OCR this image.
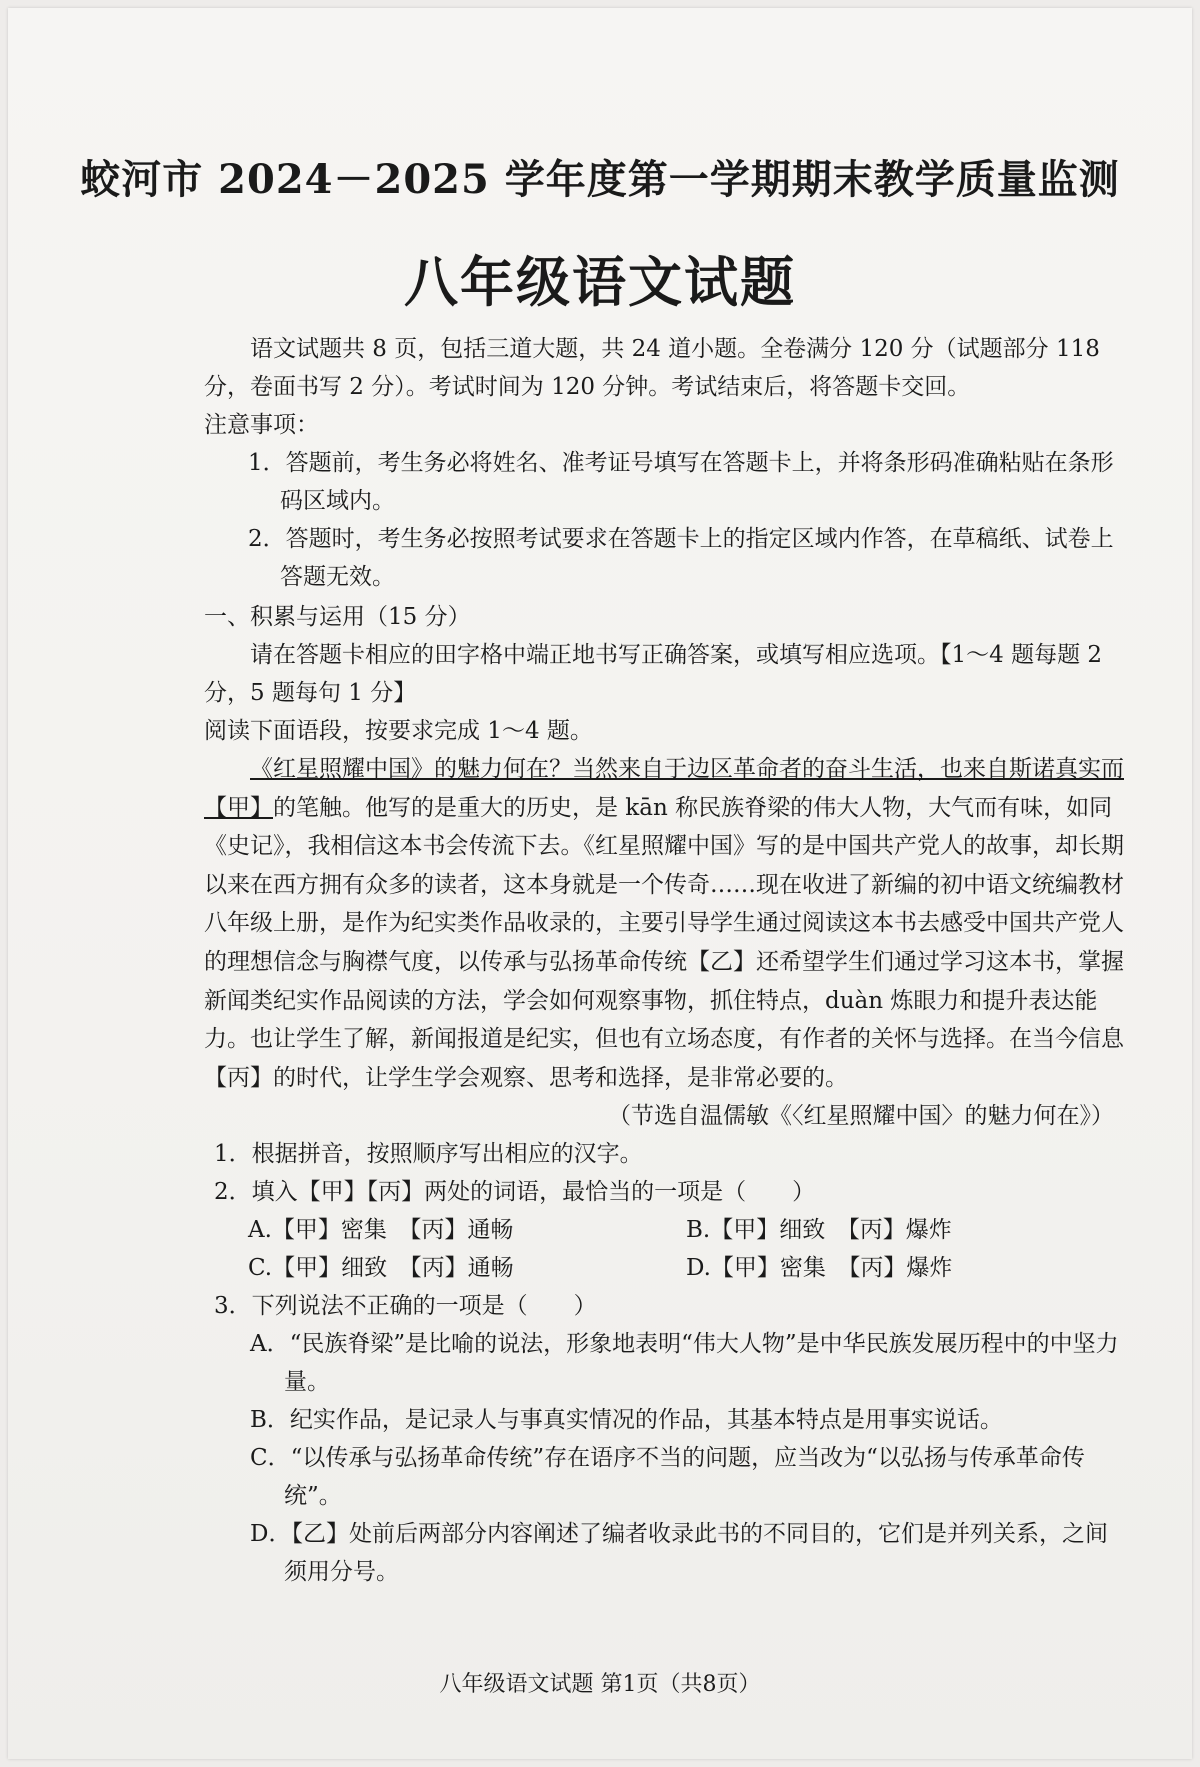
蛟河市 2024－2025 学年度第一学期期末教学质量监测
八年级语文试题

语文试题共 8 页，包括三道大题，共 24 道小题。全卷满分 120 分（试题部分 118 分，卷面书写 2 分）。考试时间为 120 分钟。考试结束后，将答题卡交回。

注意事项：

1．答题前，考生务必将姓名、准考证号填写在答题卡上，并将条形码准确粘贴在条形码区域内。

2．答题时，考生务必按照考试要求在答题卡上的指定区域内作答，在草稿纸、试卷上答题无效。

一、积累与运用（15 分）

请在答题卡相应的田字格中端正地书写正确答案，或填写相应选项。【1～4 题每题 2 分，5 题每句 1 分】

阅读下面语段，按要求完成 1～4 题。

《红星照耀中国》的魅力何在？当然来自于边区革命者的奋斗生活，也来自斯诺真实而【甲】的笔触。他写的是重大的历史，是 kān 称民族脊梁的伟大人物，大气而有味，如同《史记》，我相信这本书会传流下去。《红星照耀中国》写的是中国共产党人的故事，却长期以来在西方拥有众多的读者，这本身就是一个传奇……现在收进了新编的初中语文统编教材八年级上册，是作为纪实类作品收录的，主要引导学生通过阅读这本书去感受中国共产党人的理想信念与胸襟气度，以传承与弘扬革命传统【乙】还希望学生们通过学习这本书，掌握新闻类纪实作品阅读的方法，学会如何观察事物，抓住特点，duàn 炼眼力和提升表达能力。也让学生了解，新闻报道是纪实，但也有立场态度，有作者的关怀与选择。在当今信息【丙】的时代，让学生学会观察、思考和选择，是非常必要的。

（节选自温儒敏《〈红星照耀中国〉的魅力何在》）

1．根据拼音，按照顺序写出相应的汉字。

2．填入【甲】【丙】两处的词语，最恰当的一项是（　　）

A.【甲】密集　【丙】通畅	B.【甲】细致　【丙】爆炸
C.【甲】细致　【丙】通畅	D.【甲】密集　【丙】爆炸

3．下列说法不正确的一项是（　　）

A．“民族脊梁”是比喻的说法，形象地表明“伟大人物”是中华民族发展历程中的中坚力量。

B．纪实作品，是记录人与事真实情况的作品，其基本特点是用事实说话。

C．“以传承与弘扬革命传统”存在语序不当的问题，应当改为“以弘扬与传承革命传统”。

D．【乙】处前后两部分内容阐述了编者收录此书的不同目的，它们是并列关系，之间须用分号。

八年级语文试题 第1页（共8页）
